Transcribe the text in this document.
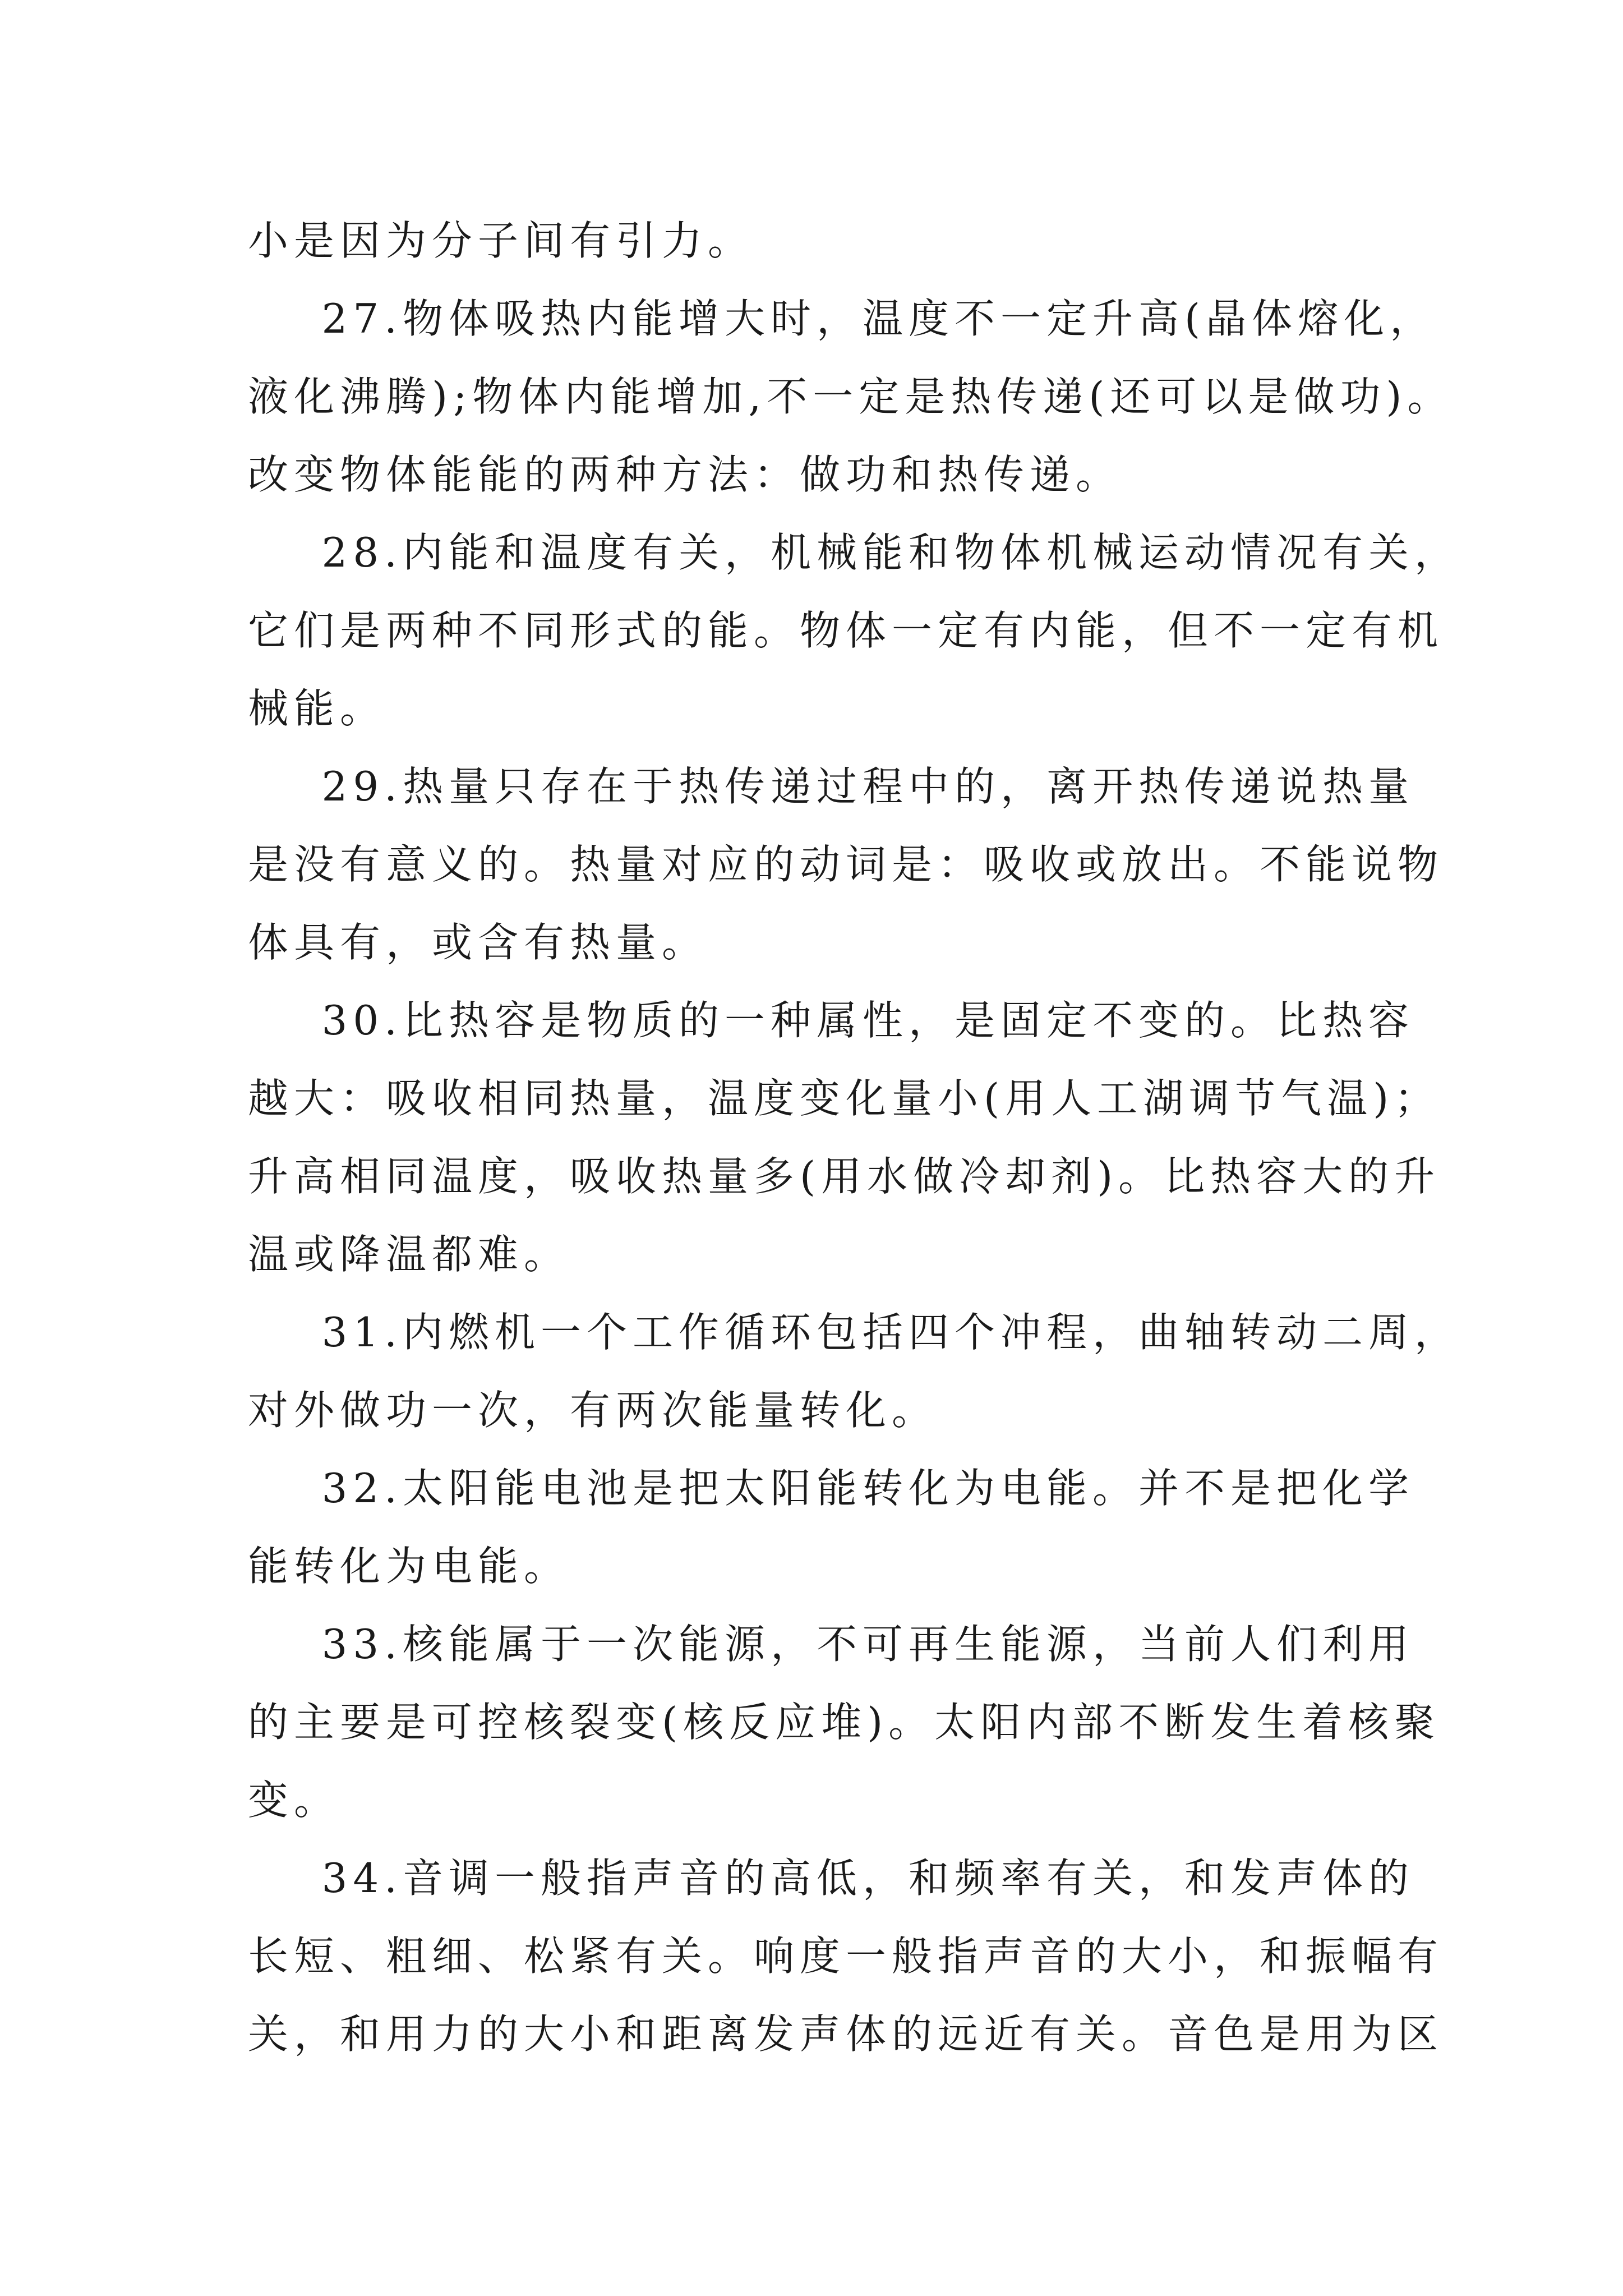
小是因为分子间有引力。
27.物体吸热内能增大时，温度不一定升高(晶体熔化，
液化沸腾);物体内能增加,不一定是热传递(还可以是做功)。
改变物体能能的两种方法：做功和热传递。
28.内能和温度有关，机械能和物体机械运动情况有关，
它们是两种不同形式的能。物体一定有内能，但不一定有机
械能。
29.热量只存在于热传递过程中的，离开热传递说热量
是没有意义的。热量对应的动词是：吸收或放出。不能说物
体具有，或含有热量。
30.比热容是物质的一种属性，是固定不变的。比热容
越大：吸收相同热量，温度变化量小(用人工湖调节气温)；
升高相同温度，吸收热量多(用水做冷却剂)。比热容大的升
温或降温都难。
31.内燃机一个工作循环包括四个冲程，曲轴转动二周，
对外做功一次，有两次能量转化。
32.太阳能电池是把太阳能转化为电能。并不是把化学
能转化为电能。
33.核能属于一次能源，不可再生能源，当前人们利用
的主要是可控核裂变(核反应堆)。太阳内部不断发生着核聚
变。
34.音调一般指声音的高低，和频率有关，和发声体的
长短、粗细、松紧有关。响度一般指声音的大小，和振幅有
关，和用力的大小和距离发声体的远近有关。音色是用为区
